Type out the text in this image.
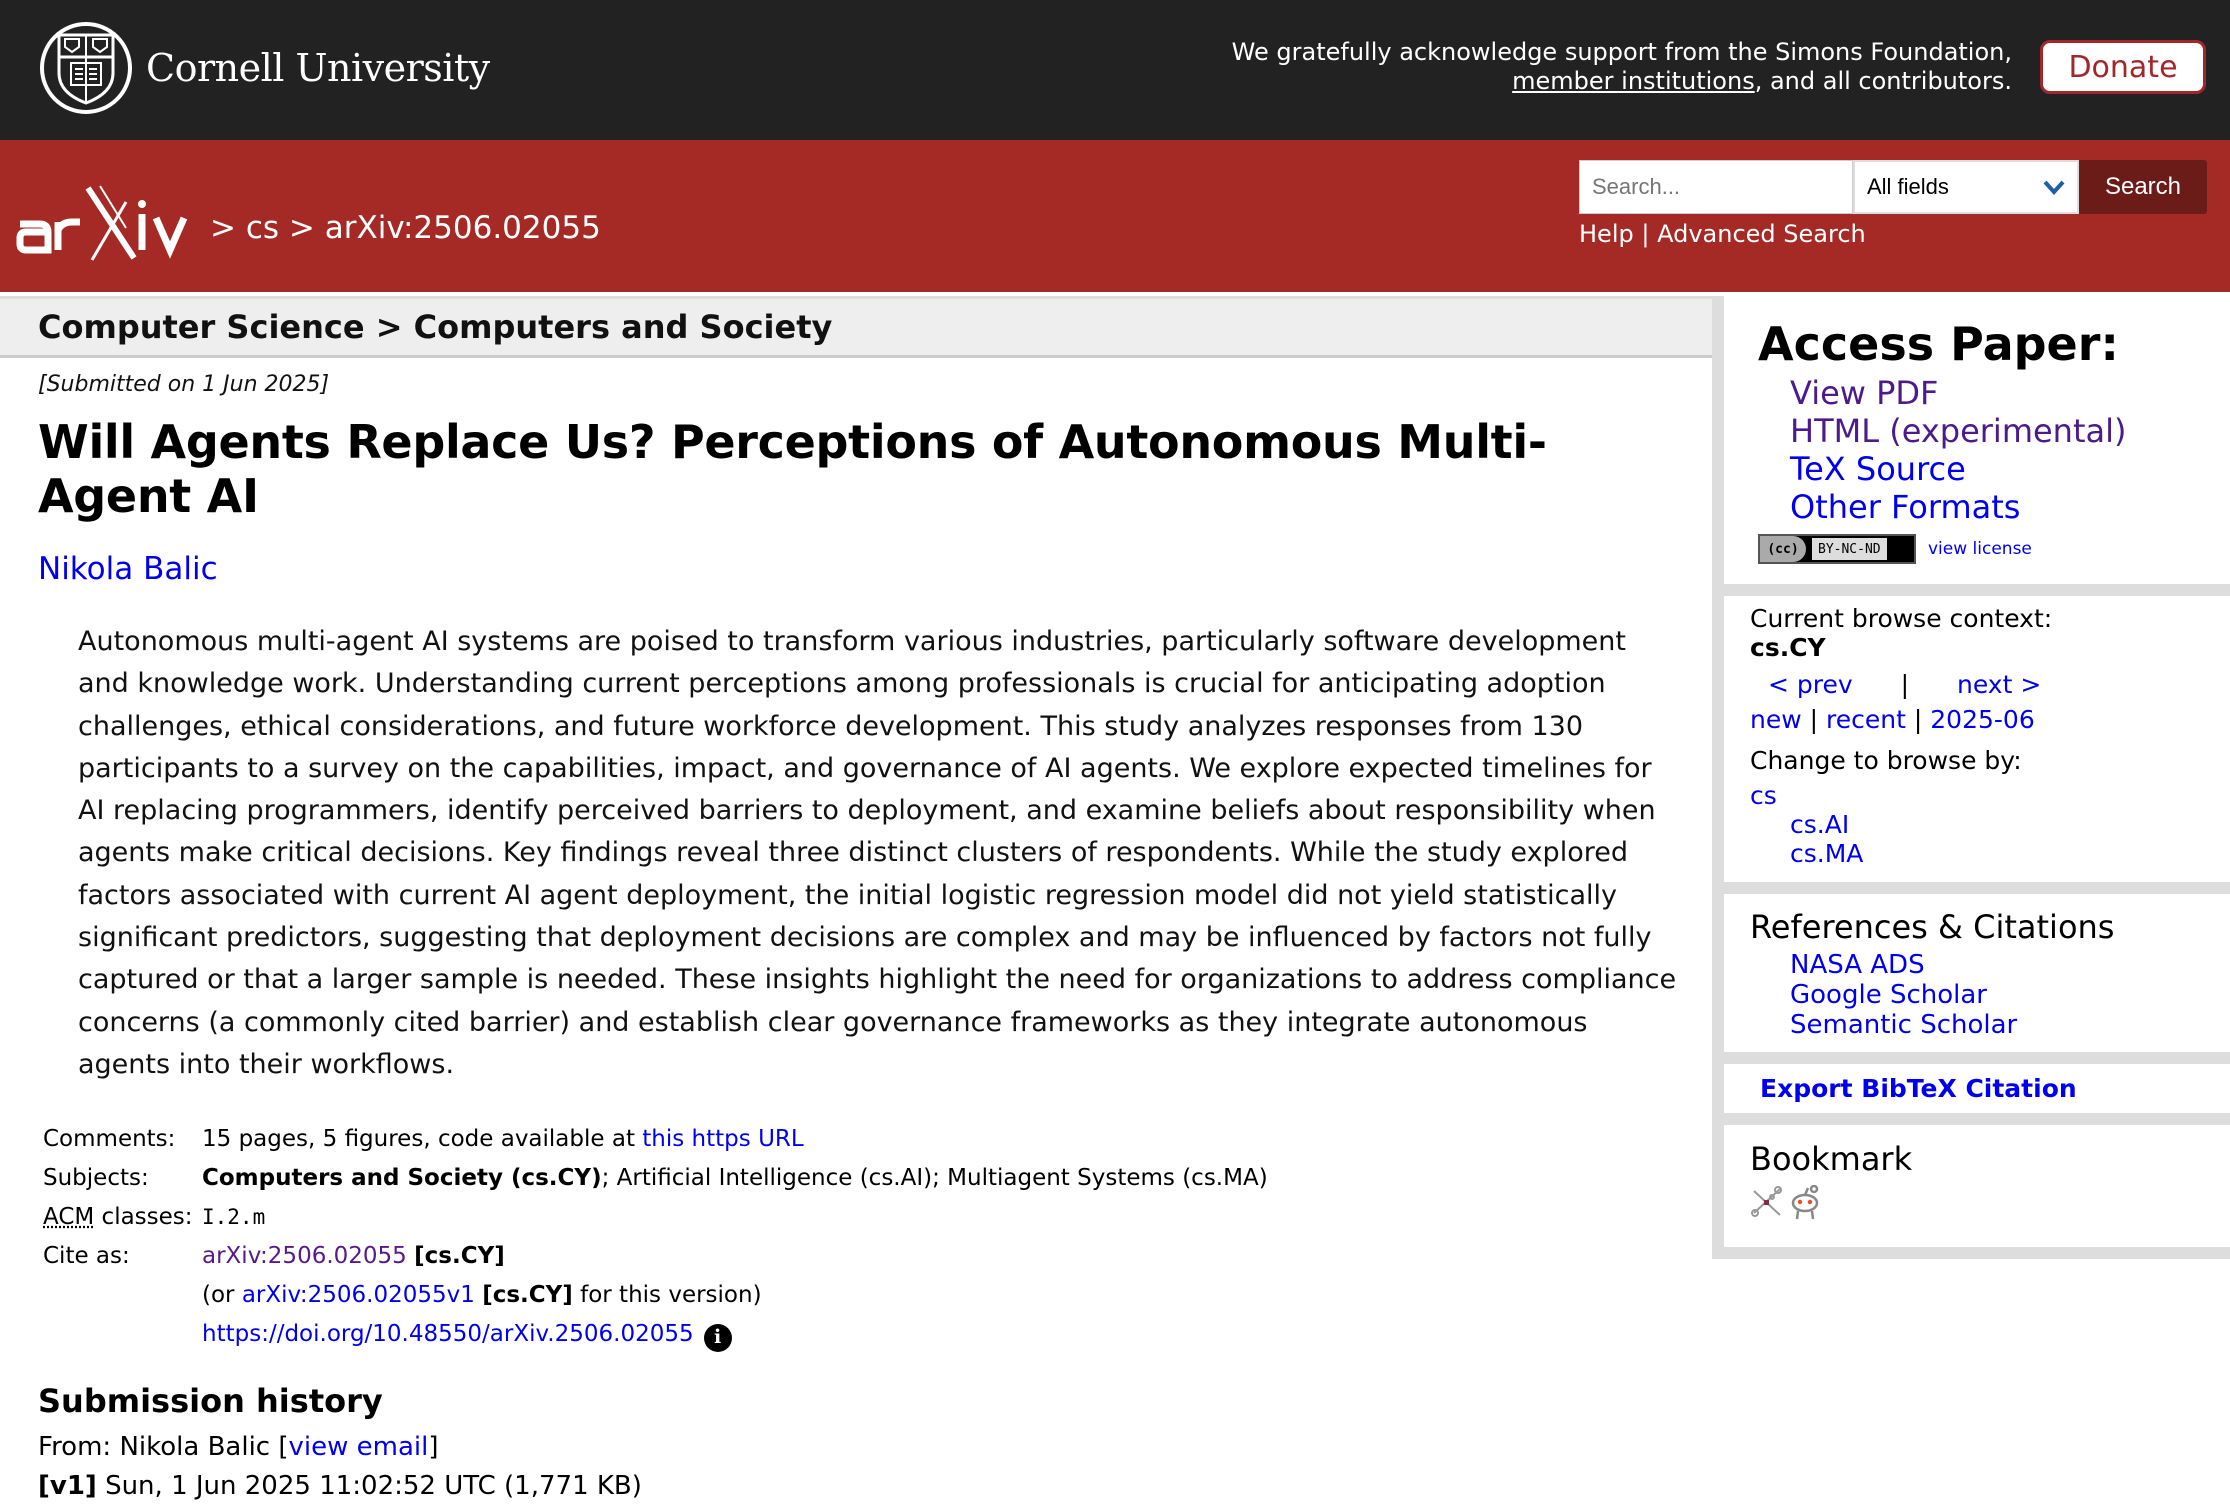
Cornell University	We gratefully acknowledge support from the Simons Foundation,
member institutions, and all contributors.	Donate
> cs > arXiv:2506.02055
Search...
All fields	Search
Help | Advanced Search
Computer Science > Computers and Society
[Submitted on 1 Jun 2025]
Will Agents Replace Us? Perceptions of Autonomous Multi-Agent AI
Nikola Balic
Autonomous multi-agent AI systems are poised to transform various industries, particularly software development and knowledge work. Understanding current perceptions among professionals is crucial for anticipating adoption challenges, ethical considerations, and future workforce development. This study analyzes responses from 130 participants to a survey on the capabilities, impact, and governance of AI agents. We explore expected timelines for AI replacing programmers, identify perceived barriers to deployment, and examine beliefs about responsibility when agents make critical decisions. Key findings reveal three distinct clusters of respondents. While the study explored factors associated with current AI agent deployment, the initial logistic regression model did not yield statistically significant predictors, suggesting that deployment decisions are complex and may be influenced by factors not fully captured or that a larger sample is needed. These insights highlight the need for organizations to address compliance concerns (a commonly cited barrier) and establish clear governance frameworks as they integrate autonomous agents into their workflows.
Comments:	15 pages, 5 figures, code available at this https URL
Subjects:	Computers and Society (cs.CY); Artificial Intelligence (cs.AI); Multiagent Systems (cs.MA)
ACM classes: I.2.m
Cite as:	arXiv:2506.02055 [cs.CY]
(or arXiv:2506.02055v1 [cs.CY] for this version)
https://doi.org/10.48550/arXiv.2506.02055 i
Submission history
From: Nikola Balic [view email]
[v1] Sun, 1 Jun 2025 11:02:52 UTC (1,771 KB)
Access Paper:
View PDF
HTML (experimental)
TeX Source
Other Formats
(cc)	BY-NC-ND	view license
Current browse context:
cs.CY
< prev | next >
new | recent | 2025-06
Change to browse by:
cs
cs.AI
cs.MA
References & Citations
NASA ADS
Google Scholar
Semantic Scholar
Export BibTeX Citation
Bookmark
